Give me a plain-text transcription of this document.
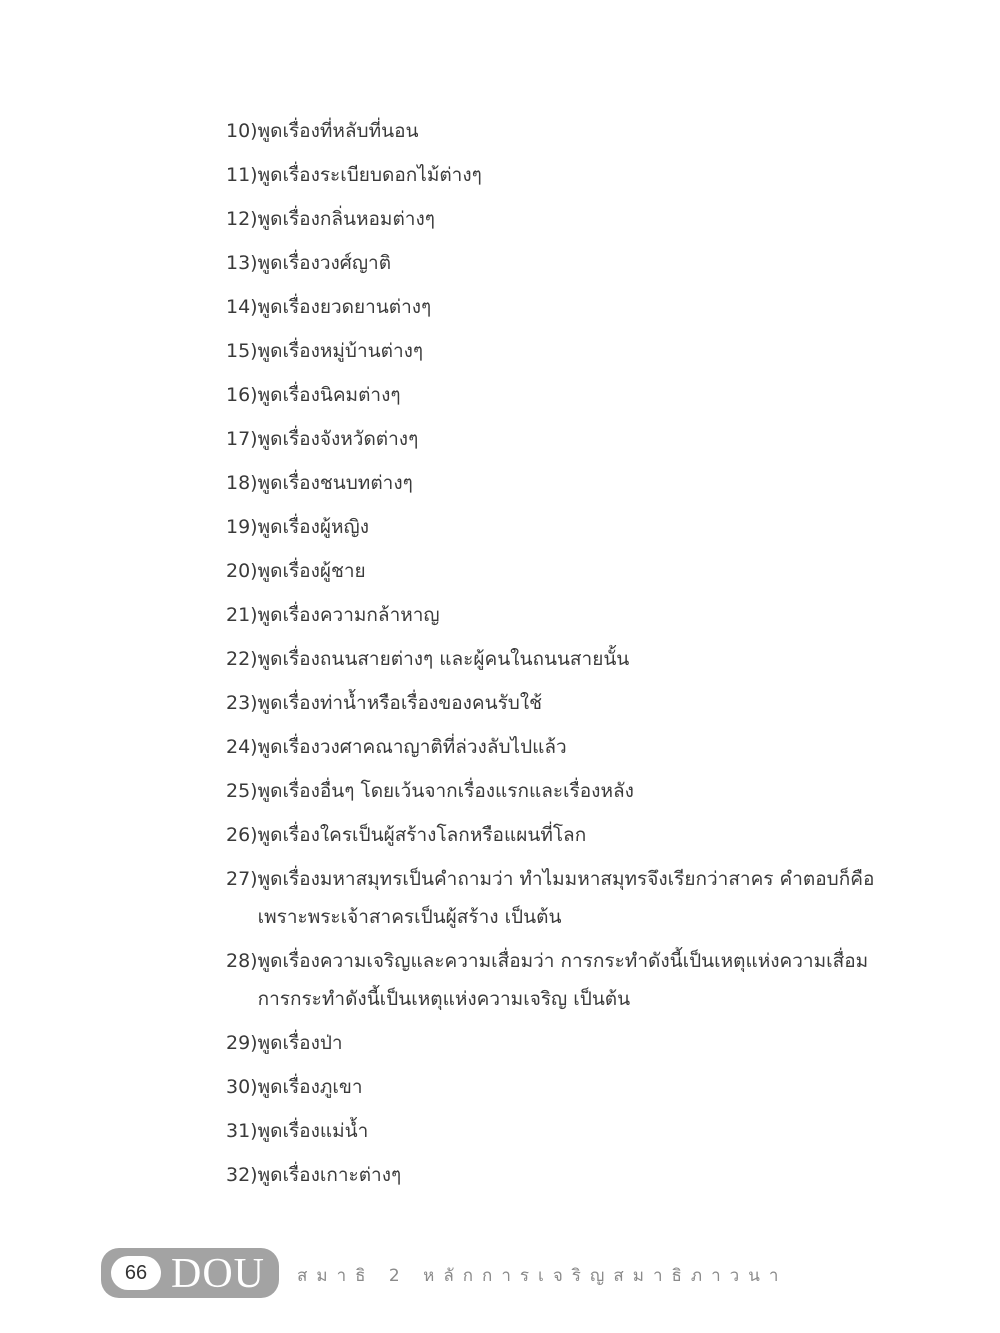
10) พูดเรื่องที่หลับที่นอน
11) พูดเรื่องระเบียบดอกไม้ต่างๆ
12) พูดเรื่องกลิ่นหอมต่างๆ
13) พูดเรื่องวงศ์ญาติ
14) พูดเรื่องยวดยานต่างๆ
15) พูดเรื่องหมู่บ้านต่างๆ
16) พูดเรื่องนิคมต่างๆ
17) พูดเรื่องจังหวัดต่างๆ
18) พูดเรื่องชนบทต่างๆ
19) พูดเรื่องผู้หญิง
20) พูดเรื่องผู้ชาย
21) พูดเรื่องความกล้าหาญ
22) พูดเรื่องถนนสายต่างๆ และผู้คนในถนนสายนั้น
23) พูดเรื่องท่าน้ำหรือเรื่องของคนรับใช้
24) พูดเรื่องวงศาคณาญาติที่ล่วงลับไปแล้ว
25) พูดเรื่องอื่นๆ โดยเว้นจากเรื่องแรกและเรื่องหลัง
26) พูดเรื่องใครเป็นผู้สร้างโลกหรือแผนที่โลก
27) พูดเรื่องมหาสมุทรเป็นคำถามว่า ทำไมมหาสมุทรจึงเรียกว่าสาคร คำตอบก็คือเพราะพระเจ้าสาครเป็นผู้สร้าง เป็นต้น
28) พูดเรื่องความเจริญและความเสื่อมว่า การกระทำดังนี้เป็นเหตุแห่งความเสื่อม การกระทำดังนี้เป็นเหตุแห่งความเจริญ เป็นต้น
29) พูดเรื่องป่า
30) พูดเรื่องภูเขา
31) พูดเรื่องแม่น้ำ
32) พูดเรื่องเกาะต่างๆ
66 DOU สมาธิ 2 หลักการเจริญสมาธิภาวนา
